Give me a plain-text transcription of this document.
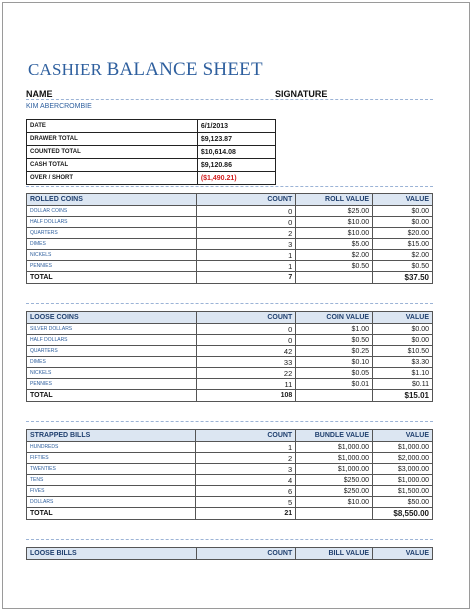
CASHIER BALANCE SHEET
NAME	SIGNATURE
KIM ABERCROMBIE
DATE	6/1/2013
DRAWER TOTAL	$9,123.87
COUNTED TOTAL	$10,614.08
CASH TOTAL	$9,120.86
OVER / SHORT	($1,490.21)
ROLLED COINS	COUNT	ROLL VALUE	VALUE
DOLLAR COINS	0	$25.00	$0.00
HALF DOLLARS	0	$10.00	$0.00
QUARTERS	2	$10.00	$20.00
DIMES	3	$5.00	$15.00
NICKELS	1	$2.00	$2.00
PENNIES	1	$0.50	$0.50
TOTAL	7		$37.50
LOOSE COINS	COUNT	COIN VALUE	VALUE
SILVER DOLLARS	0	$1.00	$0.00
HALF DOLLARS	0	$0.50	$0.00
QUARTERS	42	$0.25	$10.50
DIMES	33	$0.10	$3.30
NICKELS	22	$0.05	$1.10
PENNIES	11	$0.01	$0.11
TOTAL	108		$15.01
STRAPPED BILLS	COUNT	BUNDLE VALUE	VALUE
HUNDREDS	1	$1,000.00	$1,000.00
FIFTIES	2	$1,000.00	$2,000.00
TWENTIES	3	$1,000.00	$3,000.00
TENS	4	$250.00	$1,000.00
FIVES	6	$250.00	$1,500.00
DOLLARS	5	$10.00	$50.00
TOTAL	21		$8,550.00
LOOSE BILLS	COUNT	BILL VALUE	VALUE
